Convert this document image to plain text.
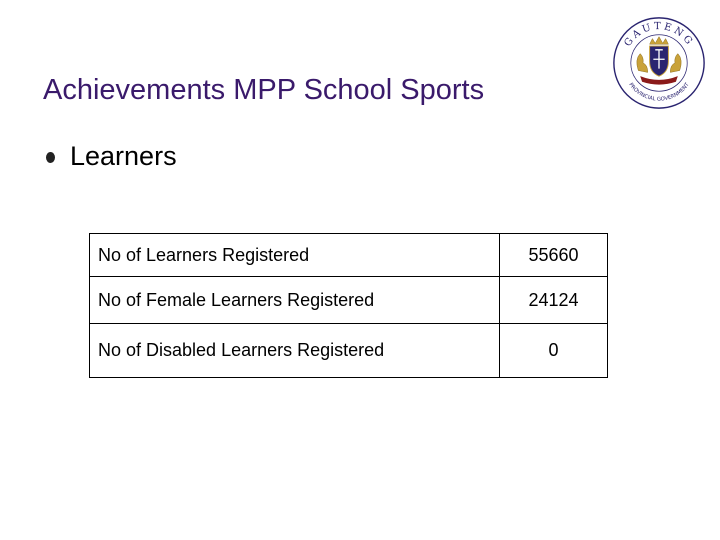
Achievements MPP School Sports
Learners
GAUTENG
PROVINCIAL GOVERNMENT
No of Learners Registered	55660
No of Female Learners Registered	24124
No of Disabled Learners Registered	0
